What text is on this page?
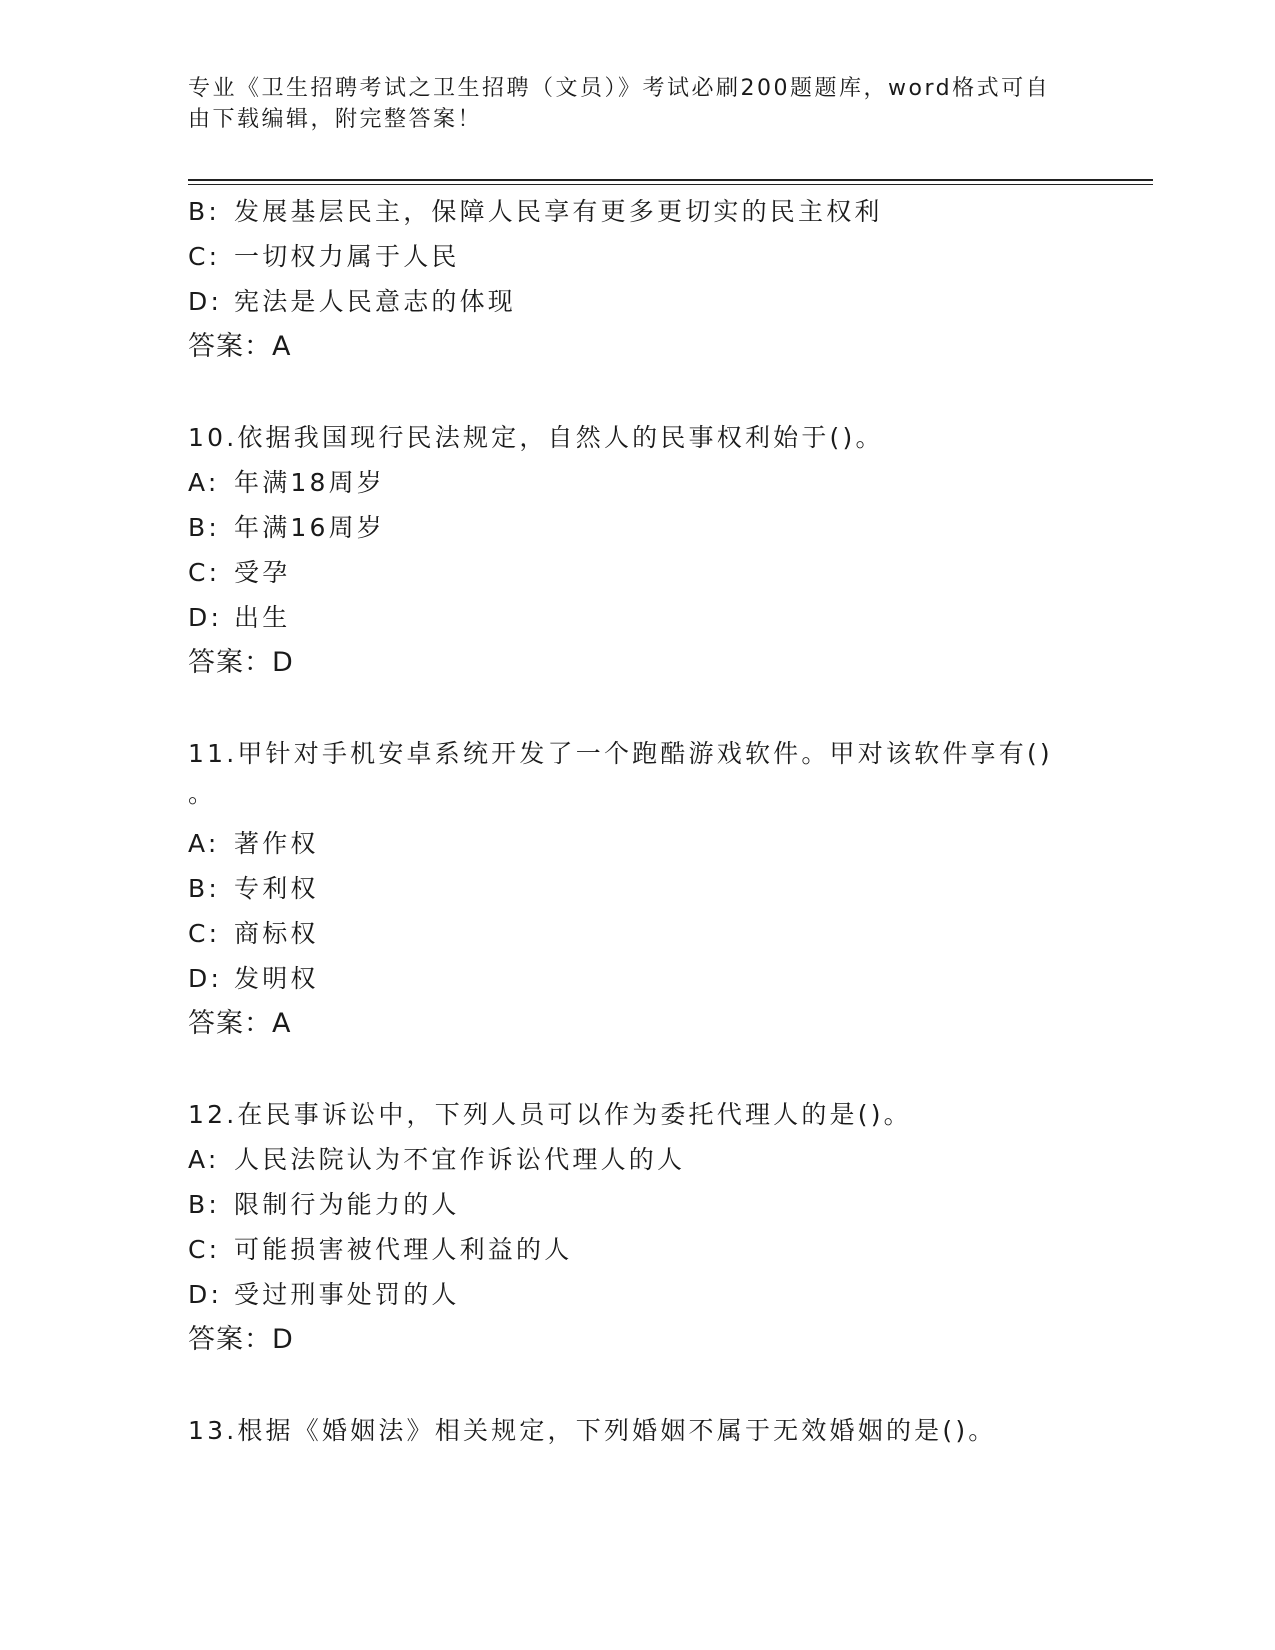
专业《卫生招聘考试之卫生招聘（文员）》考试必刷200题题库，word格式可自
由下载编辑，附完整答案！
B: 发展基层民主，保障人民享有更多更切实的民主权利
C: 一切权力属于人民
D: 宪法是人民意志的体现
答案：A
10.依据我国现行民法规定，自然人的民事权利始于()。
A: 年满18周岁
B: 年满16周岁
C: 受孕
D: 出生
答案：D
11.甲针对手机安卓系统开发了一个跑酷游戏软件。甲对该软件享有()
。
A: 著作权
B: 专利权
C: 商标权
D: 发明权
答案：A
12.在民事诉讼中，下列人员可以作为委托代理人的是()。
A: 人民法院认为不宜作诉讼代理人的人
B: 限制行为能力的人
C: 可能损害被代理人利益的人
D: 受过刑事处罚的人
答案：D
13.根据《婚姻法》相关规定，下列婚姻不属于无效婚姻的是()。
